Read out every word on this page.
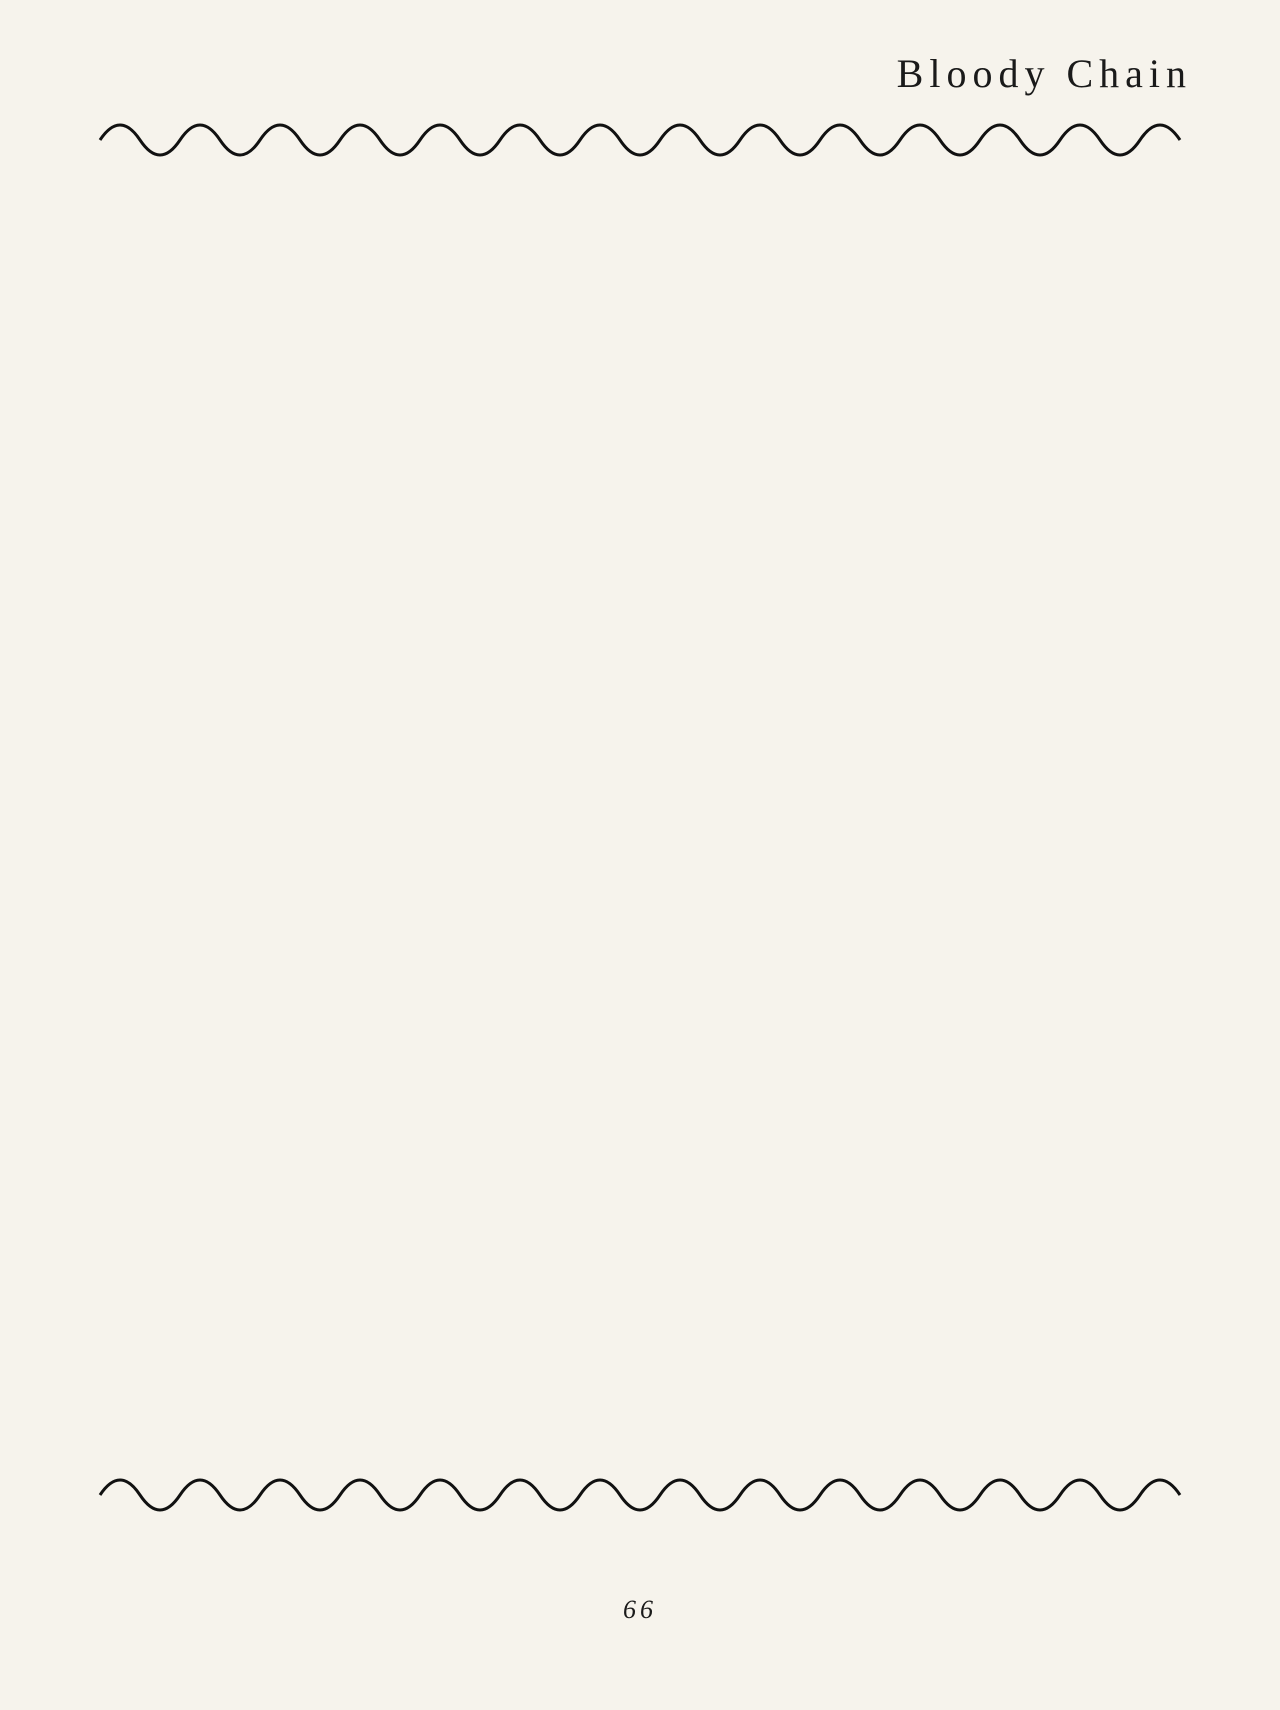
Bloody Chain
66
